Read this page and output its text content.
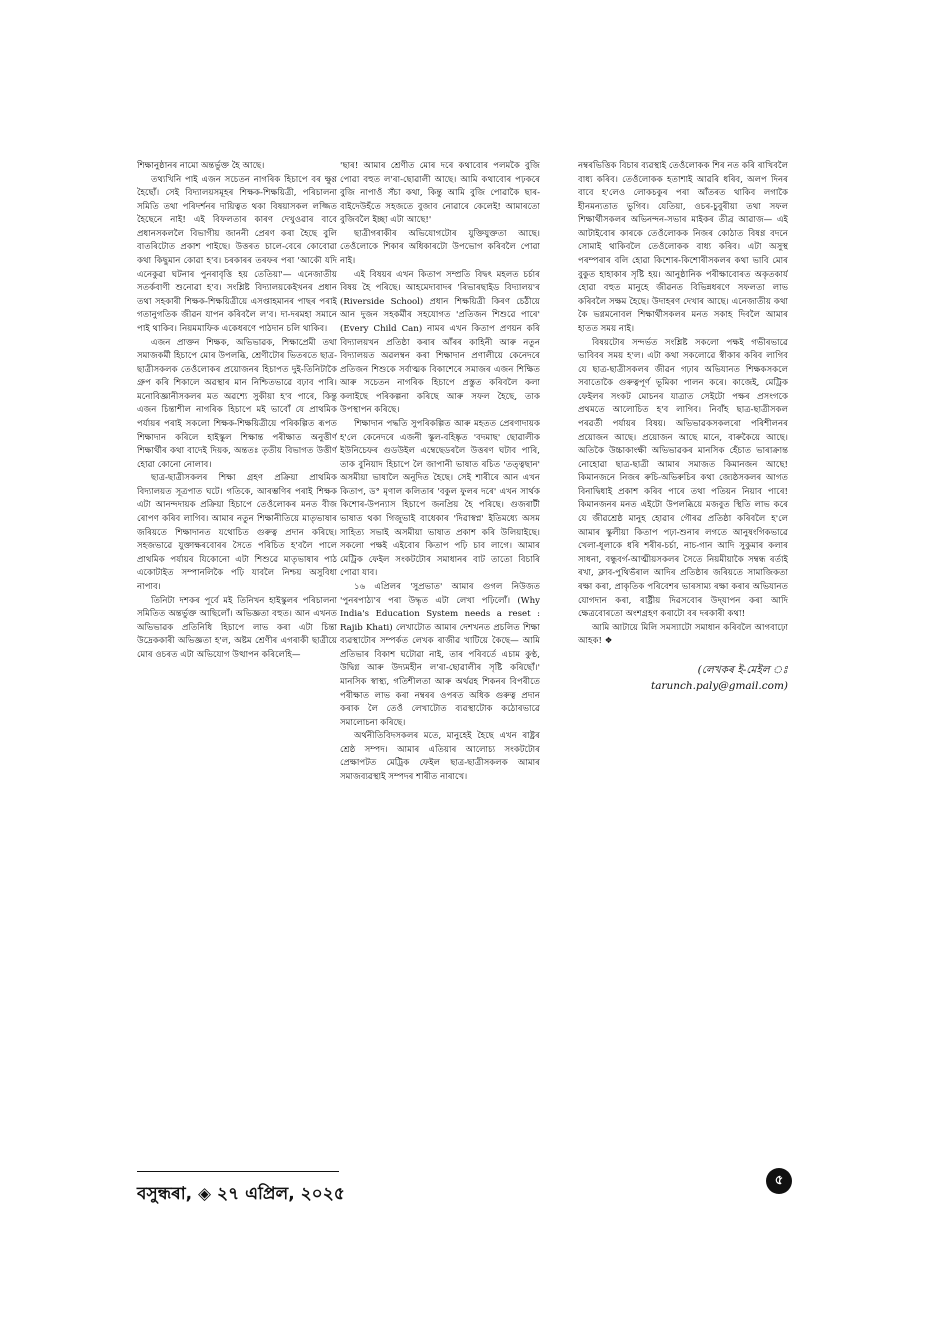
শিক্ষানুষ্ঠানৰ নামো অন্তৰ্ভুক্ত হৈ আছে।

তথ্যখিনি পাই এজন সচেতন নাগৰিক হিচাপে বৰ ক্ষুণ্ণ হৈছোঁ। সেই বিদ্যালয়সমূহৰ শিক্ষক-শিক্ষয়িত্ৰী, পৰিচালনা সমিতি তথা পৰিদৰ্শনৰ দায়িত্বত থকা বিষয়াসকল লজ্জিত হৈছেনে নাই! এই বিফলতাৰ কাৰণ দেখুওৱাৰ বাবে প্ৰধানসকললৈ বিভাগীয় জাননী প্ৰেৰণ কৰা হৈছে বুলি বাতৰিটোত প্ৰকাশ পাইছে। উত্তৰত চালে-বেৰে কোবোৱা কথা কিছুমান কোৱা হ'ব। চৰকাৰৰ তৰফৰ পৰা 'আকৌ যদি এনেকুৱা ঘটনাৰ পুনৰাবৃত্তি হয় তেতিয়া'— এনেজাতীয় সতৰ্কবাণী শুনোৱা হ'ব। সংশ্লিষ্ট বিদ্যালয়কেইখনৰ প্ৰধান তথা সহকাৰী শিক্ষক-শিক্ষয়িত্ৰীয়ে এসপ্তাহমানৰ পাছৰ পৰাই গতানুগতিক জীৱন যাপন কৰিবলৈ ল'ব। দা-দৰমহা সমানে পাই থাকিব। নিয়মমাফিক একেধৰণে পাঠদান চলি থাকিব।

এজন প্ৰাক্তন শিক্ষক, অভিভাৱক, শিক্ষাপ্ৰেমী তথা সমাজকৰ্মী হিচাপে মোৰ উপলব্ধি, শ্ৰেণীটোৰ ভিতৰতে ছাত্ৰ-ছাত্ৰীসকলক তেওঁলোকৰ প্ৰয়োজনৰ হিচাপত দুই-তিনিটাকৈ গ্ৰুপ কৰি শিকালে অৱস্থাৰ মান নিশ্চিতভাৱে বঢ়াব পাৰি। মনোবিজ্ঞানীসকলৰ মত অৱশ্যে সুকীয়া হ'ব পাৰে, কিন্তু এজন চিন্তাশীল নাগৰিক হিচাপে মই ভাবোঁ যে প্ৰাথমিক পৰ্যায়ৰ পৰাই সকলো শিক্ষক-শিক্ষয়িত্ৰীয়ে পৰিকল্পিত ৰূপত শিক্ষাদান কৰিলে হাইস্কুল শিক্ষান্ত পৰীক্ষাত অনুত্তীৰ্ণ শিক্ষাৰ্থীৰ কথা বাদেই দিয়ক, অন্ততঃ তৃতীয় বিভাগত উত্তীৰ্ণ হোৱা কোনো নোলাব।

ছাত্ৰ-ছাত্ৰীসকলৰ শিক্ষা গ্ৰহণ প্ৰক্ৰিয়া প্ৰাথমিক বিদ্যালয়ত সূত্ৰপাত ঘটে। গতিকে, আৰম্ভণিৰ পৰাই শিক্ষক এটা আনন্দদায়ক প্ৰক্ৰিয়া হিচাপে তেওঁলোকৰ মনত বীজ ৰোপণ কৰিব লাগিব। আমাৰ নতুন শিক্ষানীতিয়ে মাতৃভাষাৰ জৰিয়তে শিক্ষাদানত যথোচিত গুৰুত্ব প্ৰদান কৰিছে। সহজভাৱে যুক্তাক্ষৰবোৰৰ সৈতে পৰিচিত হ'বলৈ পালে প্ৰাথমিক পৰ্যায়ৰ যিকোনো এটা শিশুৱে মাতৃভাষাৰ পাঠ একোটাইত সম্পানলিকৈ পঢ়ি যাবলৈ নিশ্চয় অসুবিধা নাপাব।

তিনিটা দশকৰ পূৰ্বে মই তিনিখন হাইস্কুলৰ পৰিচালনা সমিতিত অন্তৰ্ভুক্ত আছিলোঁ। অভিজ্ঞতা বহুত। আন এখনত অভিভাৱক প্ৰতিনিধি হিচাপে লাভ কৰা এটা চিন্তা উদ্ৰেককাৰী অভিজ্ঞতা হ'ল, অষ্টম শ্ৰেণীৰ এগৰাকী ছাত্ৰীয়ে মোৰ ওচৰত এটা অভিযোগ উত্থাপন কৰিলেহি—

'ছাৰ! আমাৰ শ্ৰেণীত মোৰ দৰে কথাবোৰ পলমকৈ বুজি পোৱা বহুত ল'ৰা-ছোৱালী আছে। আমি কথাবোৰ পঢ়কৰে বুজি নাপাওঁ সঁচা কথা, কিন্তু আমি বুজি পোৱাকৈ ছাৰ-বাইদেউহঁতে সহজতে বুজাব নোৱাৰে কেলেই! আমাৰতো বুজিবলৈ ইচ্ছা এটা আছে!'

ছাত্ৰীগৰাকীৰ অভিযোগটোৰ যুক্তিযুক্ততা আছে। তেওঁলোকে শিকাৰ অধিকাৰটো উপভোগ কৰিবলৈ পোৱা নাই।

এই বিষয়ৰ এখন কিতাপ সম্প্ৰতি বিদ্বৎ মহলত চৰ্চাৰ বিষয় হৈ পৰিছে। আহমেদাবাদৰ 'ৰিভাৰছাইড বিদ্যালয়'ৰ (Riverside School) প্ৰধান শিক্ষয়িত্ৰী কিৰণ চেঠীয়ে আন দুজন সহকৰ্মীৰ সহযোগত 'প্ৰতিজন শিশুৱে পাৰে' (Every Child Can) নামৰ এখন কিতাপ প্ৰণয়ন কৰি বিদ্যালয়খন প্ৰতিষ্ঠা কৰাৰ আঁৰৰ কাহিনী আৰু নতুন বিদ্যালয়ত অৱলম্বন কৰা শিক্ষাদান প্ৰণালীয়ে কেনেদৰে প্ৰতিজন শিশুকে সৰ্বাত্মক বিকাশেৰে সমাজৰ এজন শিক্ষিত আৰু সচেতন নাগৰিক হিচাপে প্ৰস্তুত কৰিবলৈ কলা কলাইছে পৰিকল্পনা কৰিছে আৰু সফল হৈছে, তাক উপস্থাপন কৰিছে।

শিক্ষাদান পদ্ধতি সুপৰিকল্পিত আৰু মহতত প্ৰেৰণাদায়ক হ'লে কেনেদৰে এজনী স্কুল-বহিষ্কৃত 'বদমাছ' ছোৱালীক ইউনিচেফৰ গুডউইল এম্বেছেডৰলৈ উত্তৰণ ঘটাব পাৰি, তাক বুনিয়াদ হিচাপে লৈ জাপানী ভাষাত ৰচিত 'তত্ত্বছান' অসমীয়া ভাষালৈ অনুদিত হৈছে। সেই শাৰীৰে আন এখন কিতাপ, ড° মৃণাল কলিতাৰ 'বকুল ফুলৰ দৰে' এখন সাৰ্থক কিশোৰ-উপন্যাস হিচাপে জনপ্ৰিয় হৈ পৰিছে। গুজৰাটী ভাষাত থকা গিজুভাই বাধেকাৰ 'দিৱাস্বপ্ন' ইতিমধ্যে অসম সাহিত্য সভাই অসমীয়া ভাষাত প্ৰকাশ কৰি উলিয়াইছে। সকলো পক্ষই এইবোৰ কিতাপ পঢ়ি চাব লাগে। আমাৰ মেট্ৰিক ফেইল সংকটটোৰ সমাধানৰ বাট তাতো বিচাৰি পোৱা যাব।

১৬ এপ্ৰিলৰ 'সুপ্ৰভাত' আমাৰ গুগল নিউজত 'পুনৰপাঠ্য'ৰ পৰা উদ্ধৃত এটা লেখা পঢ়িলোঁ। (Why India's Education System needs a reset : Rajib Khati) লেখাটোত আমাৰ দেশখনত প্ৰচলিত শিক্ষা ব্যৱস্থাটোৰ সম্পৰ্কত লেখক ৰাজীৱ খাটিয়ে কৈছে— আমি প্ৰতিভাৰ বিকাশ ঘটোৱা নাই, তাৰ পৰিবৰ্তে এচাম কুণ্ঠ, উদ্বিগ্ন আৰু উদ্যমহীন ল'ৰা-ছোৱালীৰ সৃষ্টি কৰিছোঁ।' মানসিক স্বাস্থ্য, গতিশীলতা আৰু অৰ্থৱহ শিকনৰ বিপৰীতে পৰীক্ষাত লাভ কৰা নম্বৰৰ ওপৰত অধিক গুৰুত্ব প্ৰদান কৰাক লৈ তেওঁ লেখাটোত ব্যৱস্থাটোক কঠোৰভাৱে সমালোচনা কৰিছে।

অৰ্থনীতিবিদসকলৰ মতে, মানুহেই হৈছে এখন ৰাষ্ট্ৰৰ শ্ৰেষ্ঠ সম্পদ। আমাৰ এতিয়াৰ আলোচ্য সংকটটোৰ প্ৰেক্ষাপটত মেট্ৰিক ফেইল ছাত্ৰ-ছাত্ৰীসকলক আমাৰ সমাজব্যৱস্থাই সম্পদৰ শাৰীত নাৰাখে।

নম্বৰভিত্তিক বিচাৰ ব্যৱস্থাই তেওঁলোকক শিৰ নত কৰি ৰাখিবলৈ বাধ্য কৰিব। তেওঁলোকক হতাশাই আৱৰি ধৰিব, অলপ দিনৰ বাবে হ'লেও লোকচকুৰ পৰা আঁতৰত থাকিব লগাকৈ হীনমন্যতাত ভুগিব। যেতিয়া, ওচৰ-চুবুৰীয়া তথা সফল শিক্ষাৰ্থীসকলৰ অভিনন্দন-সভাৰ মাইকৰ তীব্ৰ আৱাজ— এই আটাইবোৰ কাৰকে তেওঁলোকক নিজৰ কোঠাত বিষণ্ণ বদনে সোমাই থাকিবলৈ তেওঁলোকক বাধ্য কৰিব। এটা অসুস্থ পৰম্পৰাৰ বলি হোৱা কিশোৰ-কিশোৰীসকলৰ কথা ভাবি মোৰ বুকুত হাহাকাৰ সৃষ্টি হয়। আনুষ্ঠানিক পৰীক্ষাবোৰত অকৃতকাৰ্য হোৱা বহুত মানুহে জীৱনত বিভিন্নধৰণে সফলতা লাভ কৰিবলৈ সক্ষম হৈছে। উদাহৰণ দেখাৰ আছে। এনেজাতীয় কথা কৈ ভগ্নমনোবল শিক্ষাৰ্থীসকলৰ মনত সকাহ দিবলৈ আমাৰ হাতত সময় নাই।

বিষয়টোৰ সন্দৰ্ভত সংশ্লিষ্ট সকলো পক্ষই গভীৰভাৱে ভাবিবৰ সময় হ'ল। এটা কথা সকলোৱে স্বীকাৰ কৰিব লাগিব যে ছাত্ৰ-ছাত্ৰীসকলৰ জীৱন গঢ়াৰ অভিযানত শিক্ষকসকলে সবাতোকৈ গুৰুত্বপূৰ্ণ ভূমিকা পালন কৰে। কাজেই, মেট্ৰিক ফেইলৰ সংকট মোচনৰ যাত্ৰাত সেইটো পক্ষৰ প্ৰসংগকে প্ৰথমতে আলোচিত হ'ব লাগিব। নিবাঁহ ছাত্ৰ-ছাত্ৰীসকল পৰৱৰ্তী পৰ্যায়ৰ বিষয়। অভিভাৱকসকলৰো পৰিশীলনৰ প্ৰয়োজন আছে। প্ৰয়োজন আছে মানে, বাৰুকৈয়ে আছে। অতিকৈ উচ্চাকাংক্ষী অভিভাৱকৰ মানসিক হেঁচাত ভাৰাক্ৰান্ত নোহোৱা ছাত্ৰ-ছাত্ৰী আমাৰ সমাজত কিমানজন আছে! কিমানজনে নিজৰ ৰুচি-অভিৰুচিৰ কথা জ্যেষ্ঠসকলৰ আগত বিনাদ্বিধাই প্ৰকাশ কৰিব পাৰে তথা পতিয়ন নিয়াব পাৰে! কিমানজনৰ মনত এইটো উপলব্ধিয়ে মজবুত স্থিতি লাভ কৰে যে জীৱশ্ৰেষ্ঠ মানুহ হোৱাৰ গৌৰৱ প্ৰতিষ্ঠা কৰিবলৈ হ'লে আমাৰ স্কুলীয়া কিতাপ পঢ়া-শুনাৰ লগতে আনুষংগিকভাৱে খেলা-ধূলাকে ধৰি শৰীৰ-চৰ্চা, নাচ-গান আদি সুকুমাৰ কলাৰ সাধনা, বন্ধুবৰ্গ-আত্মীয়সকলৰ সৈতে নিয়মীয়াকৈ সম্বন্ধ ৰৰ্তাই ৰখা, ক্লাব-পুথিভঁৰাল আদিৰ প্ৰতিষ্ঠাৰ জৰিয়তে সামাজিকতা ৰক্ষা কৰা, প্ৰাকৃতিক পৰিবেশৰ ভাৰসাম্য ৰক্ষা কৰাৰ অভিযানত যোগদান কৰা, ৰাষ্ট্ৰীয় দিৱসবোৰ উদ্‌যাপন কৰা আদি ক্ষেত্ৰবোৰতো অংশগ্ৰহণ কৰাটো বৰ দৰকাৰী কথা!

আমি আটায়ে মিলি সমস্যাটো সমাধান কৰিবলৈ আগবাঢ়ো আহক! ❖

(লেখকৰ ই-মেইল ঃ
tarunch.paly@gmail.com)
বসুন্ধৰা, ◈ ২৭ এপ্ৰিল, ২০২৫
৫
